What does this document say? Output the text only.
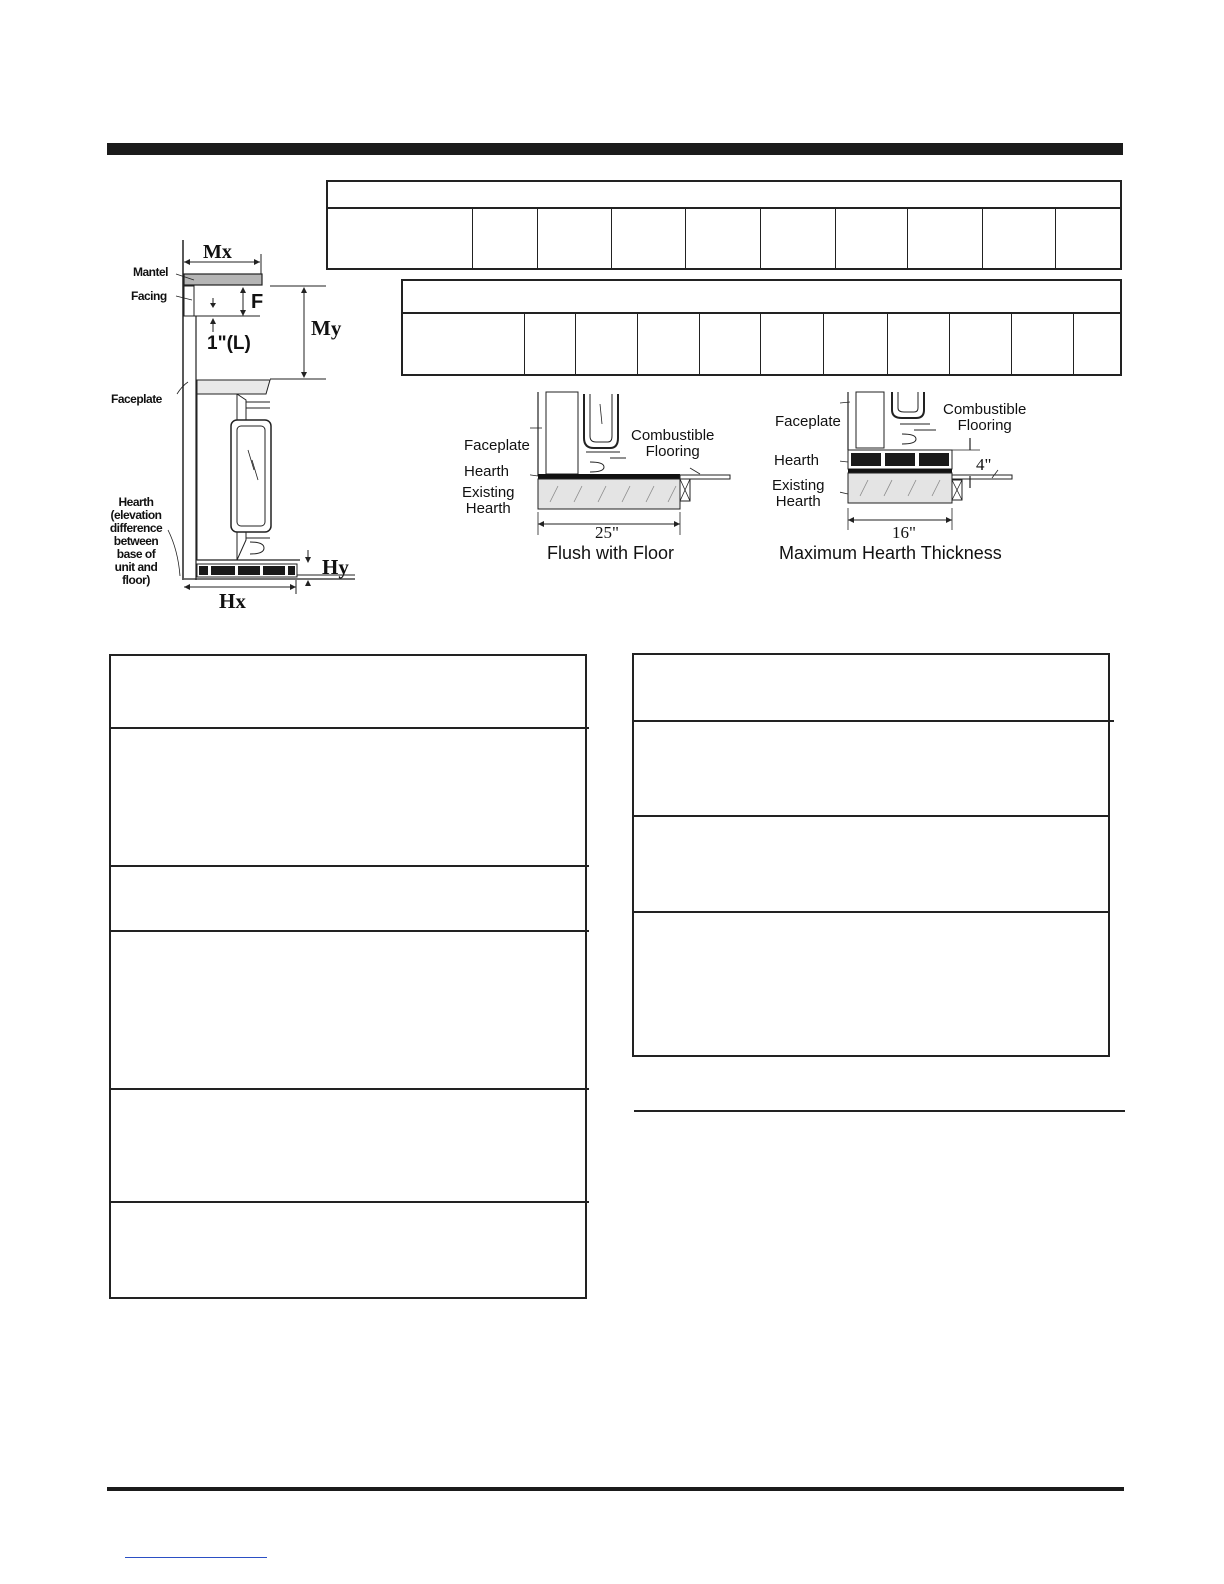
Mx
Mantel
Facing	F
My
1"(L)
Faceplate
Hearth
(elevation
difference
between
base of
unit and
floor)
Hy
Hx
Faceplate
Hearth
Existing
Hearth
Combustible
Flooring
25"
Flush with Floor
Faceplate
Hearth
Existing
Hearth
Combustible
Flooring
4"
16"
Maximum Hearth Thickness
